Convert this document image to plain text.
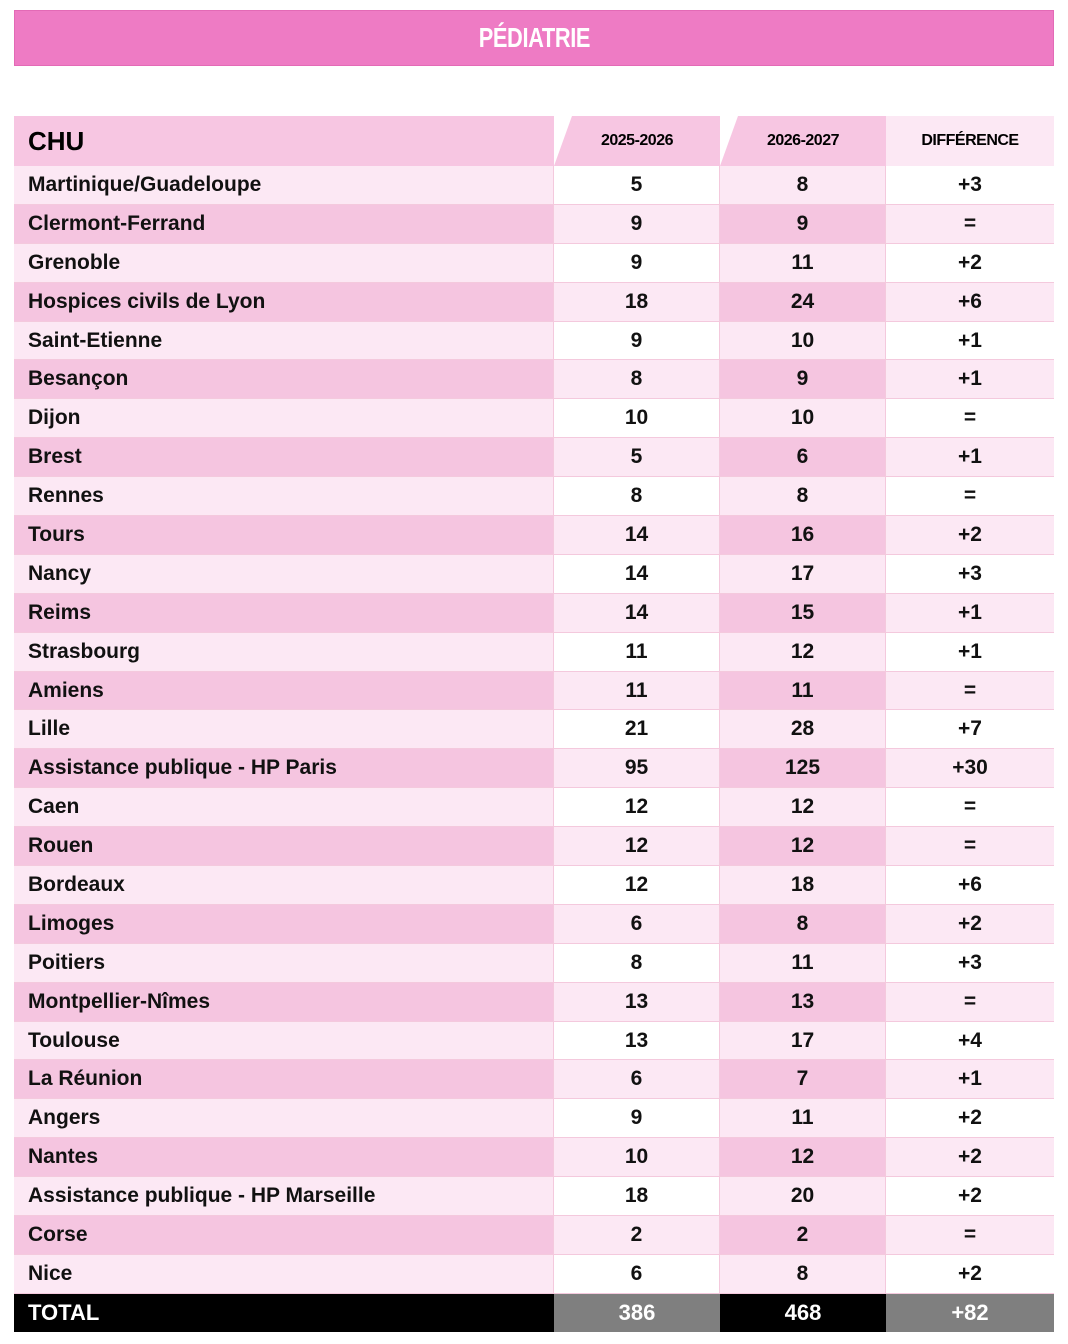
PÉDIATRIE
CHU	2025-2026	2026-2027	DIFFÉRENCE
Martinique/Guadeloupe	5	8	+3
Clermont-Ferrand	9	9	=
Grenoble	9	11	+2
Hospices civils de Lyon	18	24	+6
Saint-Etienne	9	10	+1
Besançon	8	9	+1
Dijon	10	10	=
Brest	5	6	+1
Rennes	8	8	=
Tours	14	16	+2
Nancy	14	17	+3
Reims	14	15	+1
Strasbourg	11	12	+1
Amiens	11	11	=
Lille	21	28	+7
Assistance publique - HP Paris	95	125	+30
Caen	12	12	=
Rouen	12	12	=
Bordeaux	12	18	+6
Limoges	6	8	+2
Poitiers	8	11	+3
Montpellier-Nîmes	13	13	=
Toulouse	13	17	+4
La Réunion	6	7	+1
Angers	9	11	+2
Nantes	10	12	+2
Assistance publique - HP Marseille	18	20	+2
Corse	2	2	=
Nice	6	8	+2
TOTAL	386	468	+82
